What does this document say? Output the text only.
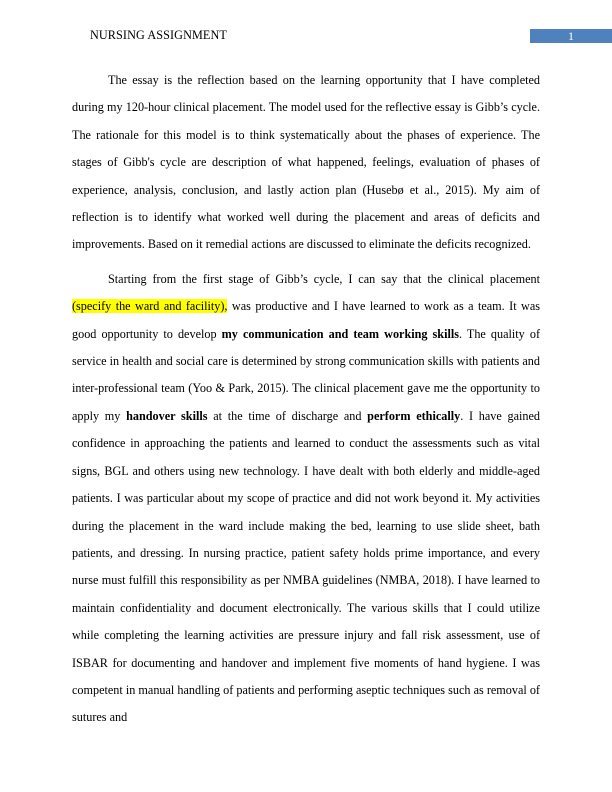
NURSING ASSIGNMENT	1

The essay is the reflection based on the learning opportunity that I have completed during my 120-hour clinical placement. The model used for the reflective essay is Gibb’s cycle. The rationale for this model is to think systematically about the phases of experience. The stages of Gibb's cycle are description of what happened, feelings, evaluation of phases of experience, analysis, conclusion, and lastly action plan (Husebø et al., 2015). My aim of reflection is to identify what worked well during the placement and areas of deficits and improvements. Based on it remedial actions are discussed to eliminate the deficits recognized.

Starting from the first stage of Gibb’s cycle, I can say that the clinical placement (specify the ward and facility), was productive and I have learned to work as a team. It was good opportunity to develop my communication and team working skills. The quality of service in health and social care is determined by strong communication skills with patients and inter-professional team (Yoo & Park, 2015). The clinical placement gave me the opportunity to apply my handover skills at the time of discharge and perform ethically. I have gained confidence in approaching the patients and learned to conduct the assessments such as vital signs, BGL and others using new technology. I have dealt with both elderly and middle-aged patients. I was particular about my scope of practice and did not work beyond it. My activities during the placement in the ward include making the bed, learning to use slide sheet, bath patients, and dressing. In nursing practice, patient safety holds prime importance, and every nurse must fulfill this responsibility as per NMBA guidelines (NMBA, 2018). I have learned to maintain confidentiality and document electronically. The various skills that I could utilize while completing the learning activities are pressure injury and fall risk assessment, use of ISBAR for documenting and handover and implement five moments of hand hygiene. I was competent in manual handling of patients and performing aseptic techniques such as removal of sutures and
